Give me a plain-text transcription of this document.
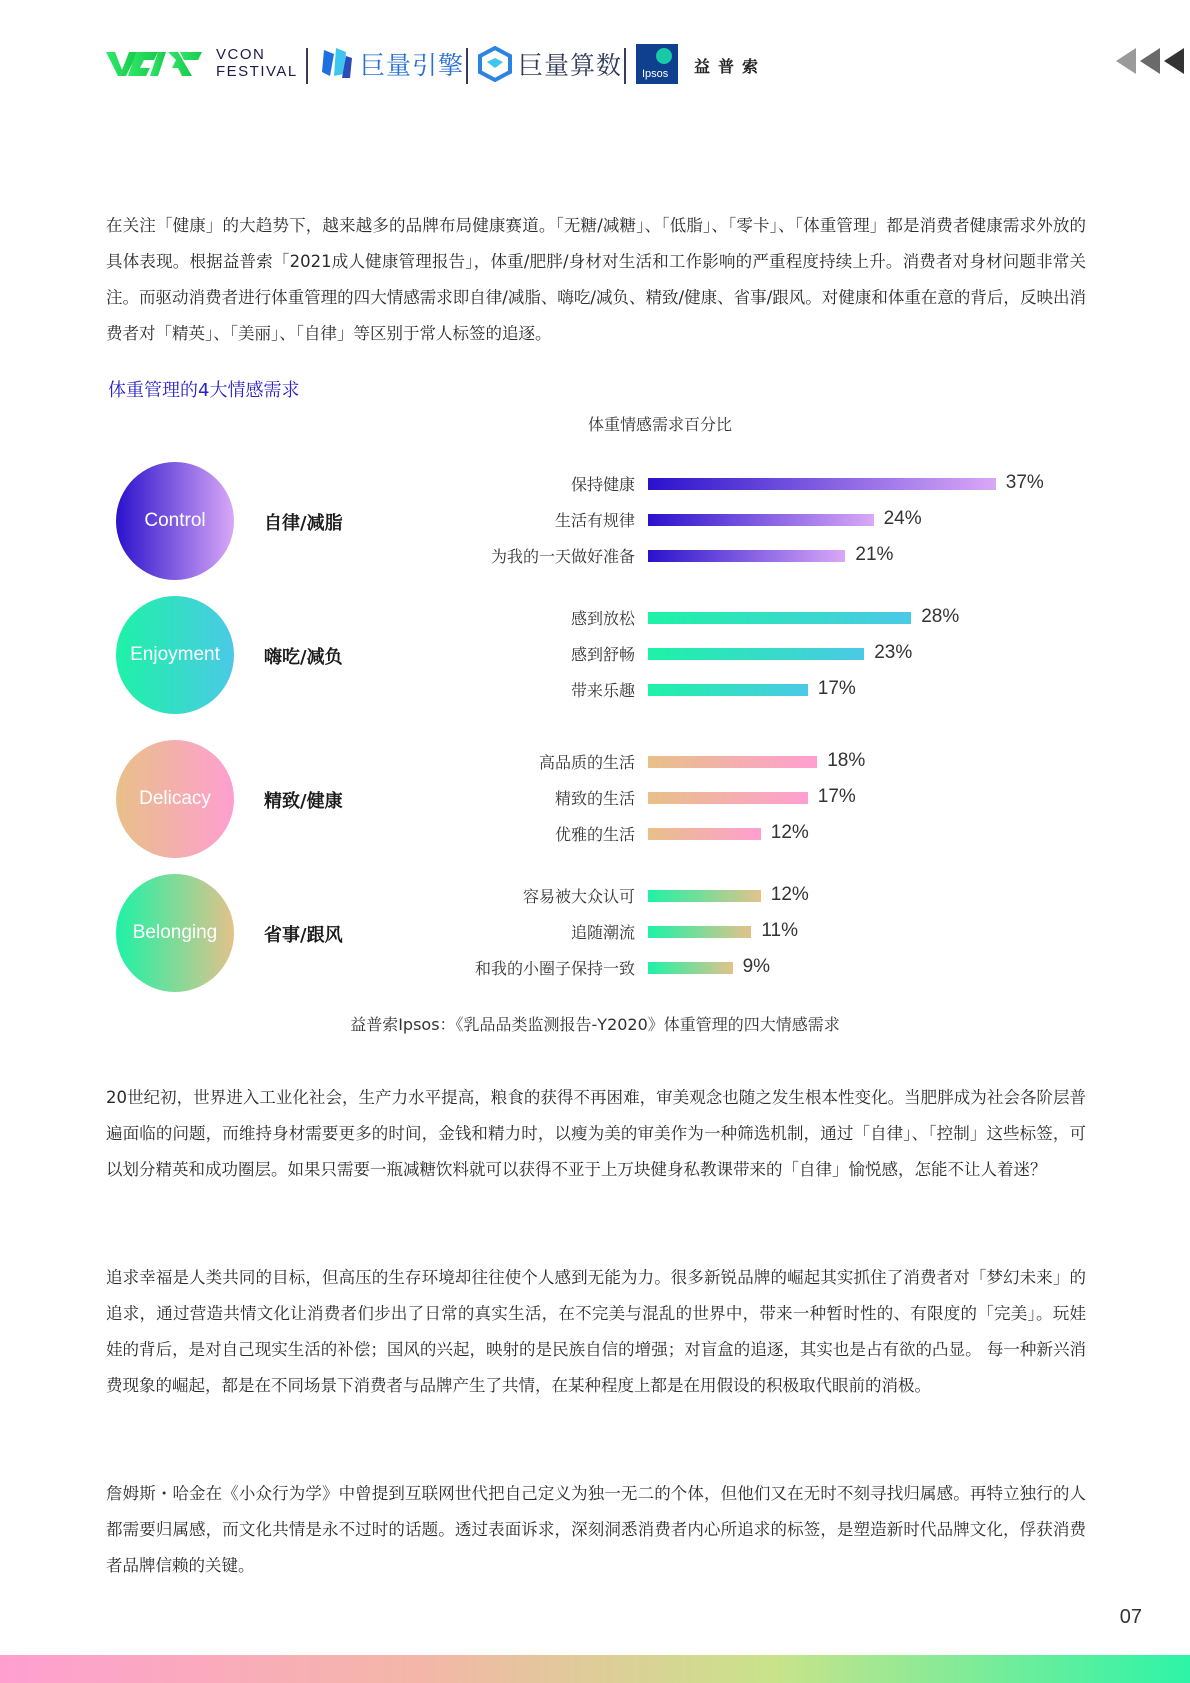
VCON
FESTIVAL 巨量引擎 巨量算数 Ipsos 益普索
在关注「健康」的大趋势下，越来越多的品牌布局健康赛道。「无糖/减糖」、「低脂」、「零卡」、「体重管理」都是消费者健康需求外放的具体表现。根据益普索「2021成人健康管理报告」，体重/肥胖/身材对生活和工作影响的严重程度持续上升。消费者对身材问题非常关注。而驱动消费者进行体重管理的四大情感需求即自律/减脂、嗨吃/减负、精致/健康、省事/跟风。对健康和体重在意的背后，反映出消费者对「精英」、「美丽」、「自律」等区别于常人标签的追逐。
体重管理的4大情感需求
体重情感需求百分比
Control	自律/减脂
保持健康	37%
生活有规律	24%
为我的一天做好准备	21%
Enjoyment	嗨吃/减负
感到放松	28%
感到舒畅	23%
带来乐趣	17%
Delicacy	精致/健康
高品质的生活	18%
精致的生活	17%
优雅的生活	12%
Belonging	省事/跟风
容易被大众认可	12%
追随潮流	11%
和我的小圈子保持一致	9%
益普索Ipsos：《乳品品类监测报告-Y2020》体重管理的四大情感需求
20世纪初，世界进入工业化社会，生产力水平提高，粮食的获得不再困难，审美观念也随之发生根本性变化。当肥胖成为社会各阶层普遍面临的问题，而维持身材需要更多的时间，金钱和精力时，以瘦为美的审美作为一种筛选机制，通过「自律」、「控制」这些标签，可以划分精英和成功圈层。如果只需要一瓶减糖饮料就可以获得不亚于上万块健身私教课带来的「自律」愉悦感，怎能不让人着迷？
追求幸福是人类共同的目标，但高压的生存环境却往往使个人感到无能为力。很多新锐品牌的崛起其实抓住了消费者对「梦幻未来」的追求，通过营造共情文化让消费者们步出了日常的真实生活，在不完美与混乱的世界中，带来一种暂时性的、有限度的「完美」。玩娃娃的背后，是对自己现实生活的补偿；国风的兴起，映射的是民族自信的增强；对盲盒的追逐，其实也是占有欲的凸显。 每一种新兴消费现象的崛起，都是在不同场景下消费者与品牌产生了共情，在某种程度上都是在用假设的积极取代眼前的消极。
詹姆斯・哈金在《小众行为学》中曾提到互联网世代把自己定义为独一无二的个体，但他们又在无时不刻寻找归属感。再特立独行的人都需要归属感，而文化共情是永不过时的话题。透过表面诉求，深刻洞悉消费者内心所追求的标签，是塑造新时代品牌文化，俘获消费者品牌信赖的关键。
07
